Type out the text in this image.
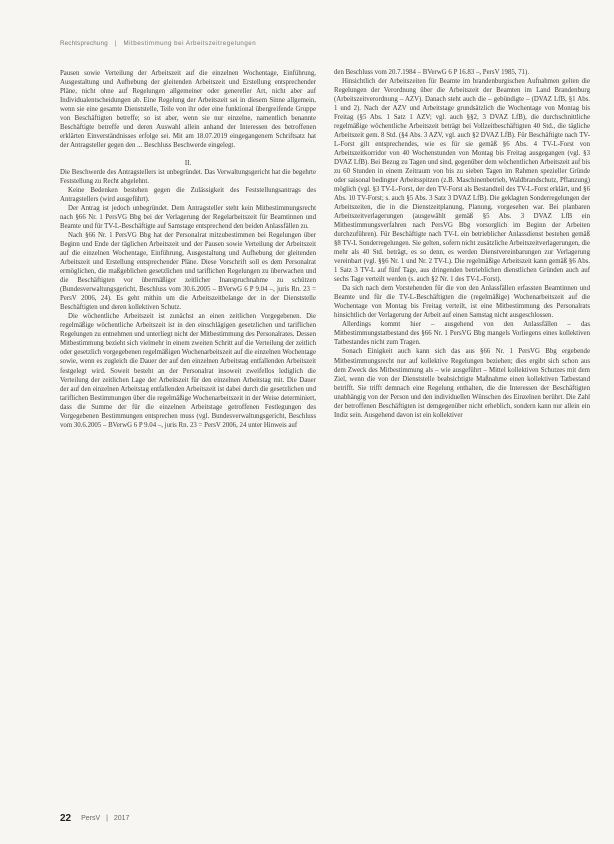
Rechtsprechung | Mitbestimmung bei Arbeitszeitregelungen

Pausen sowie Verteilung der Arbeitszeit auf die einzelnen Wochentage, Einführung, Ausgestaltung und Aufhebung der gleitenden Arbeitszeit und Erstellung entsprechender Pläne, nicht ohne auf Regelungen allgemeiner oder genereller Art, nicht aber auf Individualentscheidungen ab. Eine Regelung der Arbeitszeit sei in diesem Sinne allgemein, wenn sie eine gesamte Dienststelle, Teile von ihr oder eine funktional übergreifende Gruppe von Beschäftigten betreffe; so ist aber, wenn sie nur einzelne, namentlich benannte Beschäftigte betreffe und deren Auswahl allein anhand der Interessen des betroffenen erklärten Einverständnisses erfolge sei. Mit am 18.07.2019 eingegangenem Schriftsatz hat der Antragsteller gegen den ... Beschluss Beschwerde eingelegt.

II.

Die Beschwerde des Antragstellers ist unbegründet. Das Verwaltungsgericht hat die begehrte Feststellung zu Recht abgelehnt.

Keine Bedenken bestehen gegen die Zulässigkeit des Feststellungsantrags des Antragstellers (wird ausgeführt).

Der Antrag ist jedoch unbegründet. Dem Antragsteller steht kein Mitbestimmungsrecht nach §66 Nr. 1 PersVG Bbg bei der Verlagerung der Regelarbeitszeit für Beamtinnen und Beamte und für TV-L-Beschäftigte auf Samstage entsprechend den beiden Anlassfällen zu.

Nach §66 Nr. 1 PersVG Bbg hat der Personalrat mitzubestimmen bei Regelungen über Beginn und Ende der täglichen Arbeitszeit und der Pausen sowie Verteilung der Arbeitszeit auf die einzelnen Wochentage, Einführung, Ausgestaltung und Aufhebung der gleitenden Arbeitszeit und Erstellung entsprechender Pläne. Diese Vorschrift soll es dem Personalrat ermöglichen, die maßgeblichen gesetzlichen und tariflichen Regelungen zu überwachen und die Beschäftigten vor übermäßiger zeitlicher Inanspruchnahme zu schützen (Bundesverwaltungsgericht, Beschluss vom 30.6.2005 – BVerwG 6 P 9.04 –, juris Rn. 23 = PersV 2006, 24). Es geht mithin um die Arbeitszeitbelange der in der Dienststelle Beschäftigten und deren kollektiven Schutz.

Die wöchentliche Arbeitszeit ist zunächst an einen zeitlichen Vorgegebenen. Die regelmäßige wöchentliche Arbeitszeit ist in den einschlägigen gesetzlichen und tariflichen Regelungen zu entnehmen und unterliegt nicht der Mitbestimmung des Personalrates. Dessen Mitbestimmung bezieht sich vielmehr in einem zweiten Schritt auf die Verteilung der zeitlich oder gesetzlich vorgegebenen regelmäßigen Wochenarbeitszeit auf die einzelnen Wochentage sowie, wenn es zugleich die Dauer der auf den einzelnen Arbeitstag entfallenden Arbeitszeit festgelegt wird. Soweit besteht an der Personalrat insoweit zweifellos lediglich die Verteilung der zeitlichen Lage der Arbeitszeit für den einzelnen Arbeitstag mit. Die Dauer der auf den einzelnen Arbeitstag entfallenden Arbeitszeit ist dabei durch die gesetzlichen und tariflichen Bestimmungen über die regelmäßige Wochenarbeitszeit in der Weise determiniert, dass die Summe der für die einzelnen Arbeitstage getroffenen Festlegungen des Vorgegebenen Bestimmungen entsprechen muss (vgl. Bundesverwaltungsgericht, Beschluss vom 30.6.2005 – BVerwG 6 P 9.04 –, juris Rn. 23 = PersV 2006, 24 unter Hinweis auf

den Beschluss vom 20.7.1984 – BVerwG 6 P 16.83 –, PersV 1985, 71).

Hinsichtlich der Arbeitszeiten für Beamte im brandenburgischen Aufnahmen gelten die Regelungen der Verordnung über die Arbeitszeit der Beamten im Land Brandenburg (Arbeitszeitverordnung – AZV). Danach steht auch die – gebündigte – (DVAZ LfB, §1 Abs. 1 und 2). Nach der AZV und Arbeitstage grundsätzlich die Wochentage von Montag bis Freitag (§5 Abs. 1 Satz 1 AZV; vgl. auch §§2, 3 DVAZ LfB), die durchschnittliche regelmäßige wöchentliche Arbeitszeit beträgt bei Vollzeitbeschäftigten 40 Std., die tägliche Arbeitszeit gem. 8 Std. (§4 Abs. 3 AZV, vgl. auch §2 DVAZ LfB). Für Beschäftigte nach TV-L-Forst gilt entsprechendes, wie es für sie gemäß §6 Abs. 4 TV-L-Forst von Arbeitszeitkorridor von 40 Wochenstunden von Montag bis Freitag ausgegangen (vgl. §3 DVAZ LfB). Bei Bezug zu Tagen und sind, gegenüber dem wöchentlichen Arbeitszeit auf bis zu 60 Stunden in einem Zeitraum von bis zu sieben Tagen im Rahmen spezieller Gründe oder saisonal bedingter Arbeitsspitzen (z.B. Maschinenbetrieb, Waldbrandschutz, Pflanzung) möglich (vgl. §3 TV-L-Forst, der den TV-Forst als Bestandteil des TV-L-Forst erklärt, und §6 Abs. 10 TV-Forst; s. auch §5 Abs. 3 Satz 3 DVAZ LfB). Die geklagten Sonderregelungen der Arbeitszeiten, die in die Dienstzeitplanung, Planung, vorgesehen war. Bei planbaren Arbeitszeitverlagerungen (ausgewählt gemäß §5 Abs. 3 DVAZ LfB ein Mitbestimmungsverfahren nach PersVG Bbg vorsorglich im Beginn der Arbeiten durchzuführen). Für Beschäftigte nach TV-L ein betrieblicher Anlassdienst bestehen gemäß §8 TV-L Sonderregelungen. Sie gelten, sofern nicht zusätzliche Arbeitszeitverlagerungen, die mehr als 40 Std. beträgt, es so denn, es werden Dienstvereinbarungen zur Verlagerung vereinbart (vgl. §§6 Nr. 1 und Nr. 2 TV-L). Die regelmäßige Arbeitszeit kann gemäß §6 Abs. 1 Satz 3 TV-L auf fünf Tage, aus dringenden betrieblichen dienstlichen Gründen auch auf sechs Tage verteilt werden (s. auch §2 Nr. 1 des TV-L-Forst).

Da sich nach dem Vorstehenden für die von den Anlassfällen erfassten Beamtinnen und Beamte und für die TV-L-Beschäftigten die (regelmäßige) Wochenarbeitszeit auf die Wochentage von Montag bis Freitag verteilt, ist eine Mitbestimmung des Personalrats hinsichtlich der Verlagerung der Arbeit auf einen Samstag nicht ausgeschlossen.

Allerdings kommt hier – ausgehend von den Anlassfällen – das Mitbestimmungstatbestand des §66 Nr. 1 PersVG Bbg mangels Vorliegens eines kollektiven Tatbestandes nicht zum Tragen.

Sonach Einigkeit auch kann sich das aus §66 Nr. 1 PersVG Bbg ergebende Mitbestimmungsrecht nur auf kollektive Regelungen beziehen; dies ergibt sich schon aus dem Zweck des Mitbestimmung als – wie ausgeführt – Mittel kollektiven Schutzes mit dem Ziel, wenn die von der Dienststelle beabsichtigte Maßnahme einen kollektiven Tatbestand betrifft. Sie trifft demnach eine Regelung enthalten, die die Interessen der Beschäftigten unabhängig von der Person und den individuellen Wünschen des Einzelnen berührt. Die Zahl der betroffenen Beschäftigten ist demgegenüber nicht erheblich, sondern kann nur allein ein Indiz sein. Ausgehend davon ist ein kollektiver

22 PersV | 2017
